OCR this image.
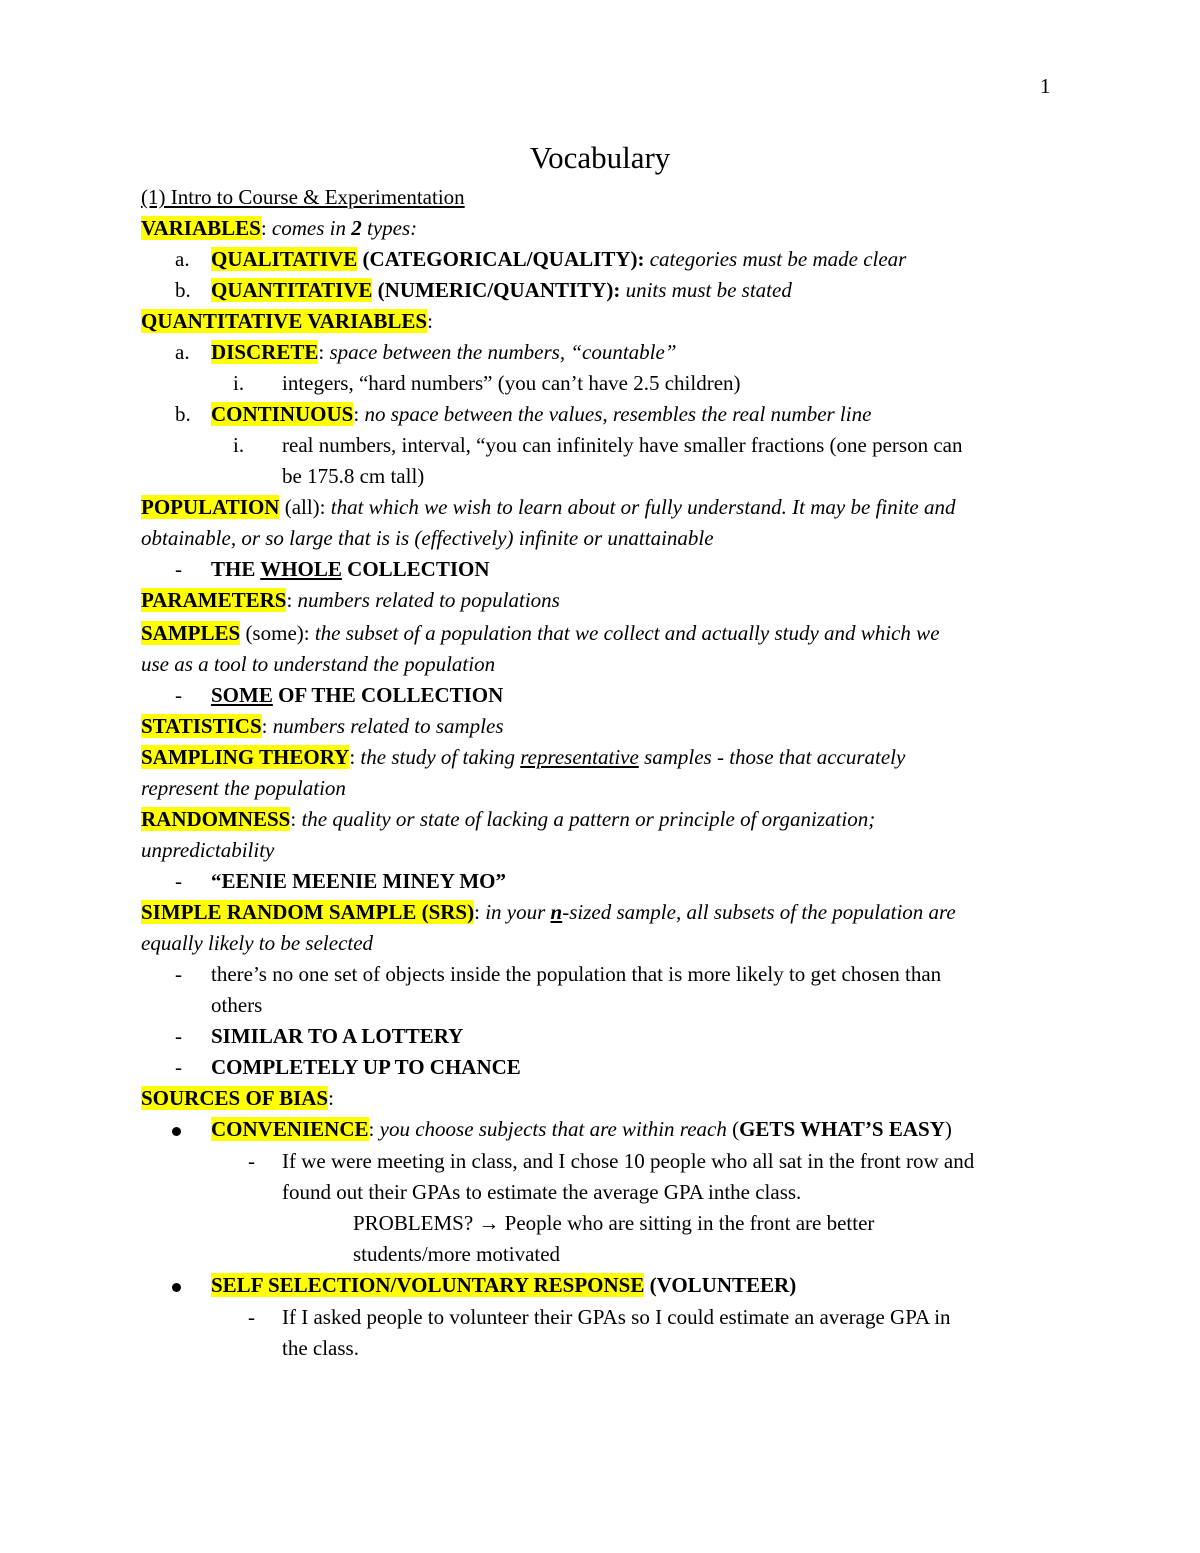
1
Vocabulary
(1) Intro to Course & Experimentation
VARIABLES: comes in 2 types:
a. QUALITATIVE (CATEGORICAL/QUALITY): categories must be made clear
b. QUANTITATIVE (NUMERIC/QUANTITY): units must be stated
QUANTITATIVE VARIABLES:
a. DISCRETE: space between the numbers, “countable”
i. integers, “hard numbers” (you can’t have 2.5 children)
b. CONTINUOUS: no space between the values, resembles the real number line
i. real numbers, interval, “you can infinitely have smaller fractions (one person can
be 175.8 cm tall)
POPULATION (all): that which we wish to learn about or fully understand. It may be finite and
obtainable, or so large that is is (effectively) infinite or unattainable
- THE WHOLE COLLECTION
PARAMETERS: numbers related to populations
SAMPLES (some): the subset of a population that we collect and actually study and which we
use as a tool to understand the population
- SOME OF THE COLLECTION
STATISTICS: numbers related to samples
SAMPLING THEORY: the study of taking representative samples - those that accurately
represent the population
RANDOMNESS: the quality or state of lacking a pattern or principle of organization;
unpredictability
- “EENIE MEENIE MINEY MO”
SIMPLE RANDOM SAMPLE (SRS): in your n-sized sample, all subsets of the population are
equally likely to be selected
- there’s no one set of objects inside the population that is more likely to get chosen than
others
- SIMILAR TO A LOTTERY
- COMPLETELY UP TO CHANCE
SOURCES OF BIAS:
CONVENIENCE: you choose subjects that are within reach (GETS WHAT’S EASY)
- If we were meeting in class, and I chose 10 people who all sat in the front row and
found out their GPAs to estimate the average GPA inthe class.
PROBLEMS? → People who are sitting in the front are better
students/more motivated
SELF SELECTION/VOLUNTARY RESPONSE (VOLUNTEER)
- If I asked people to volunteer their GPAs so I could estimate an average GPA in
the class.
